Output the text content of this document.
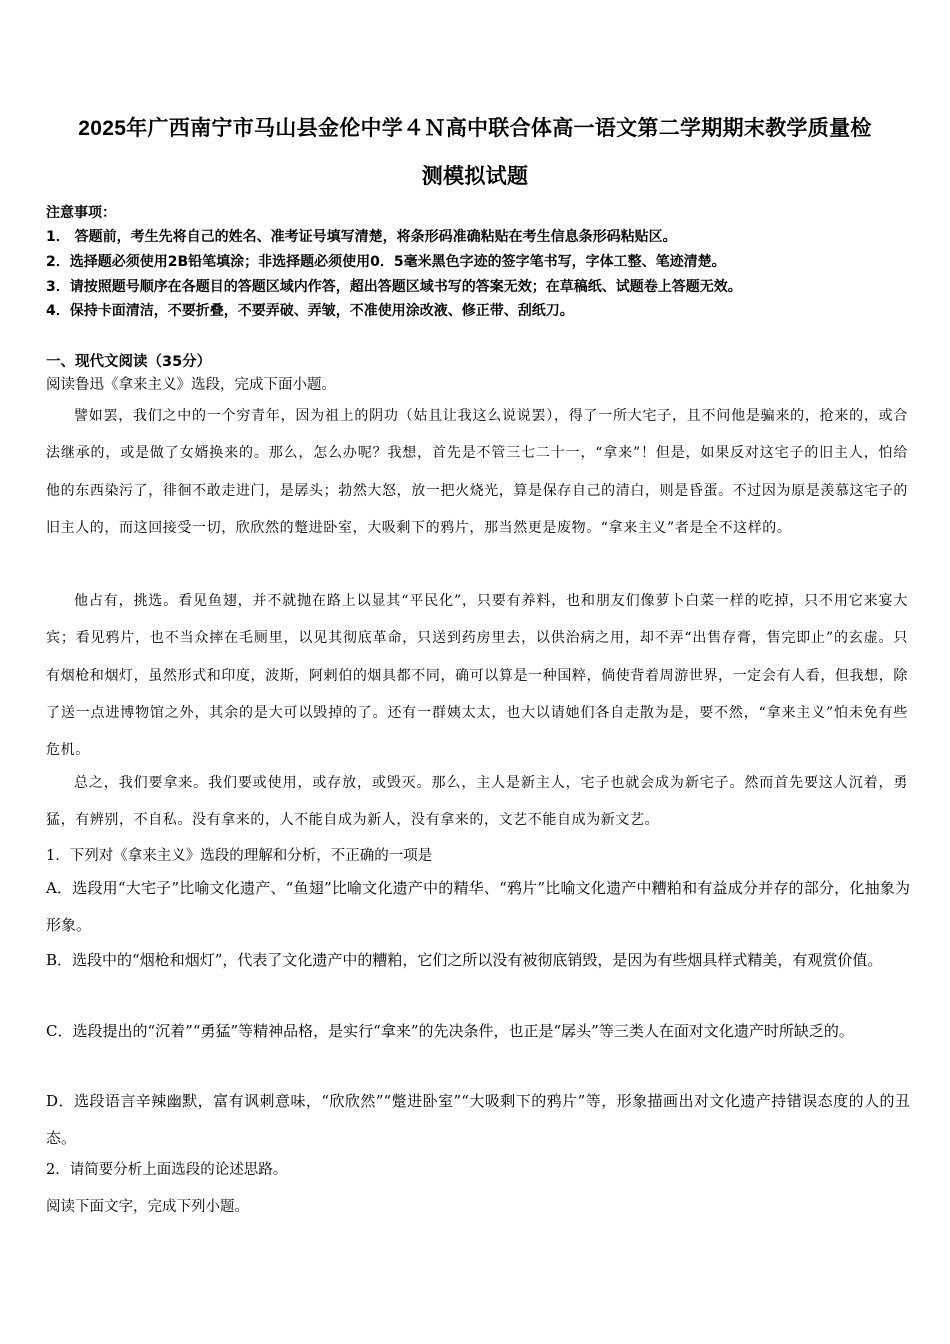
2025年广西南宁市马山县金伦中学４Ｎ高中联合体高一语文第二学期期末教学质量检
测模拟试题
注意事项：
1． 答题前，考生先将自己的姓名、准考证号填写清楚，将条形码准确粘贴在考生信息条形码粘贴区。
2．选择题必须使用2B铅笔填涂；非选择题必须使用0．5毫米黑色字迹的签字笔书写，字体工整、笔迹清楚。
3．请按照题号顺序在各题目的答题区域内作答，超出答题区域书写的答案无效；在草稿纸、试题卷上答题无效。
4．保持卡面清洁，不要折叠，不要弄破、弄皱，不准使用涂改液、修正带、刮纸刀。
一、现代文阅读（35分）
阅读鲁迅《拿来主义》选段，完成下面小题。
譬如罢，我们之中的一个穷青年，因为祖上的阴功（姑且让我这么说说罢），得了一所大宅子，且不问他是骗来的，抢来的，或合法继承的，或是做了女婿换来的。那么，怎么办呢？我想，首先是不管三七二十一，“拿来”！但是，如果反对这宅子的旧主人，怕给他的东西染污了，徘徊不敢走进门，是孱头；勃然大怒，放一把火烧光，算是保存自己的清白，则是昏蛋。不过因为原是羡慕这宅子的旧主人的，而这回接受一切，欣欣然的蹩进卧室，大吸剩下的鸦片，那当然更是废物。“拿来主义”者是全不这样的。
他占有，挑选。看见鱼翅，并不就抛在路上以显其“平民化”，只要有养料，也和朋友们像萝卜白菜一样的吃掉，只不用它来宴大宾；看见鸦片，也不当众摔在毛厕里，以见其彻底革命，只送到药房里去，以供治病之用，却不弄“出售存膏，售完即止”的玄虚。只有烟枪和烟灯，虽然形式和印度，波斯，阿剌伯的烟具都不同，确可以算是一种国粹，倘使背着周游世界，一定会有人看，但我想，除了送一点进博物馆之外，其余的是大可以毁掉的了。还有一群姨太太，也大以请她们各自走散为是，要不然，“拿来主义”怕未免有些危机。
总之，我们要拿来。我们要或使用，或存放，或毁灭。那么，主人是新主人，宅子也就会成为新宅子。然而首先要这人沉着，勇猛，有辨别，不自私。没有拿来的，人不能自成为新人，没有拿来的，文艺不能自成为新文艺。
1．下列对《拿来主义》选段的理解和分析，不正确的一项是
A．选段用“大宅子”比喻文化遗产、“鱼翅”比喻文化遗产中的精华、“鸦片”比喻文化遗产中糟粕和有益成分并存的部分，化抽象为形象。
B．选段中的“烟枪和烟灯”，代表了文化遗产中的糟粕，它们之所以没有被彻底销毁，是因为有些烟具样式精美，有观赏价值。
C．选段提出的“沉着”“勇猛”等精神品格，是实行“拿来”的先决条件，也正是“孱头”等三类人在面对文化遗产时所缺乏的。
D．选段语言辛辣幽默，富有讽刺意味，“欣欣然”“蹩进卧室”“大吸剩下的鸦片”等，形象描画出对文化遗产持错误态度的人的丑态。
2．请简要分析上面选段的论述思路。
阅读下面文字，完成下列小题。
